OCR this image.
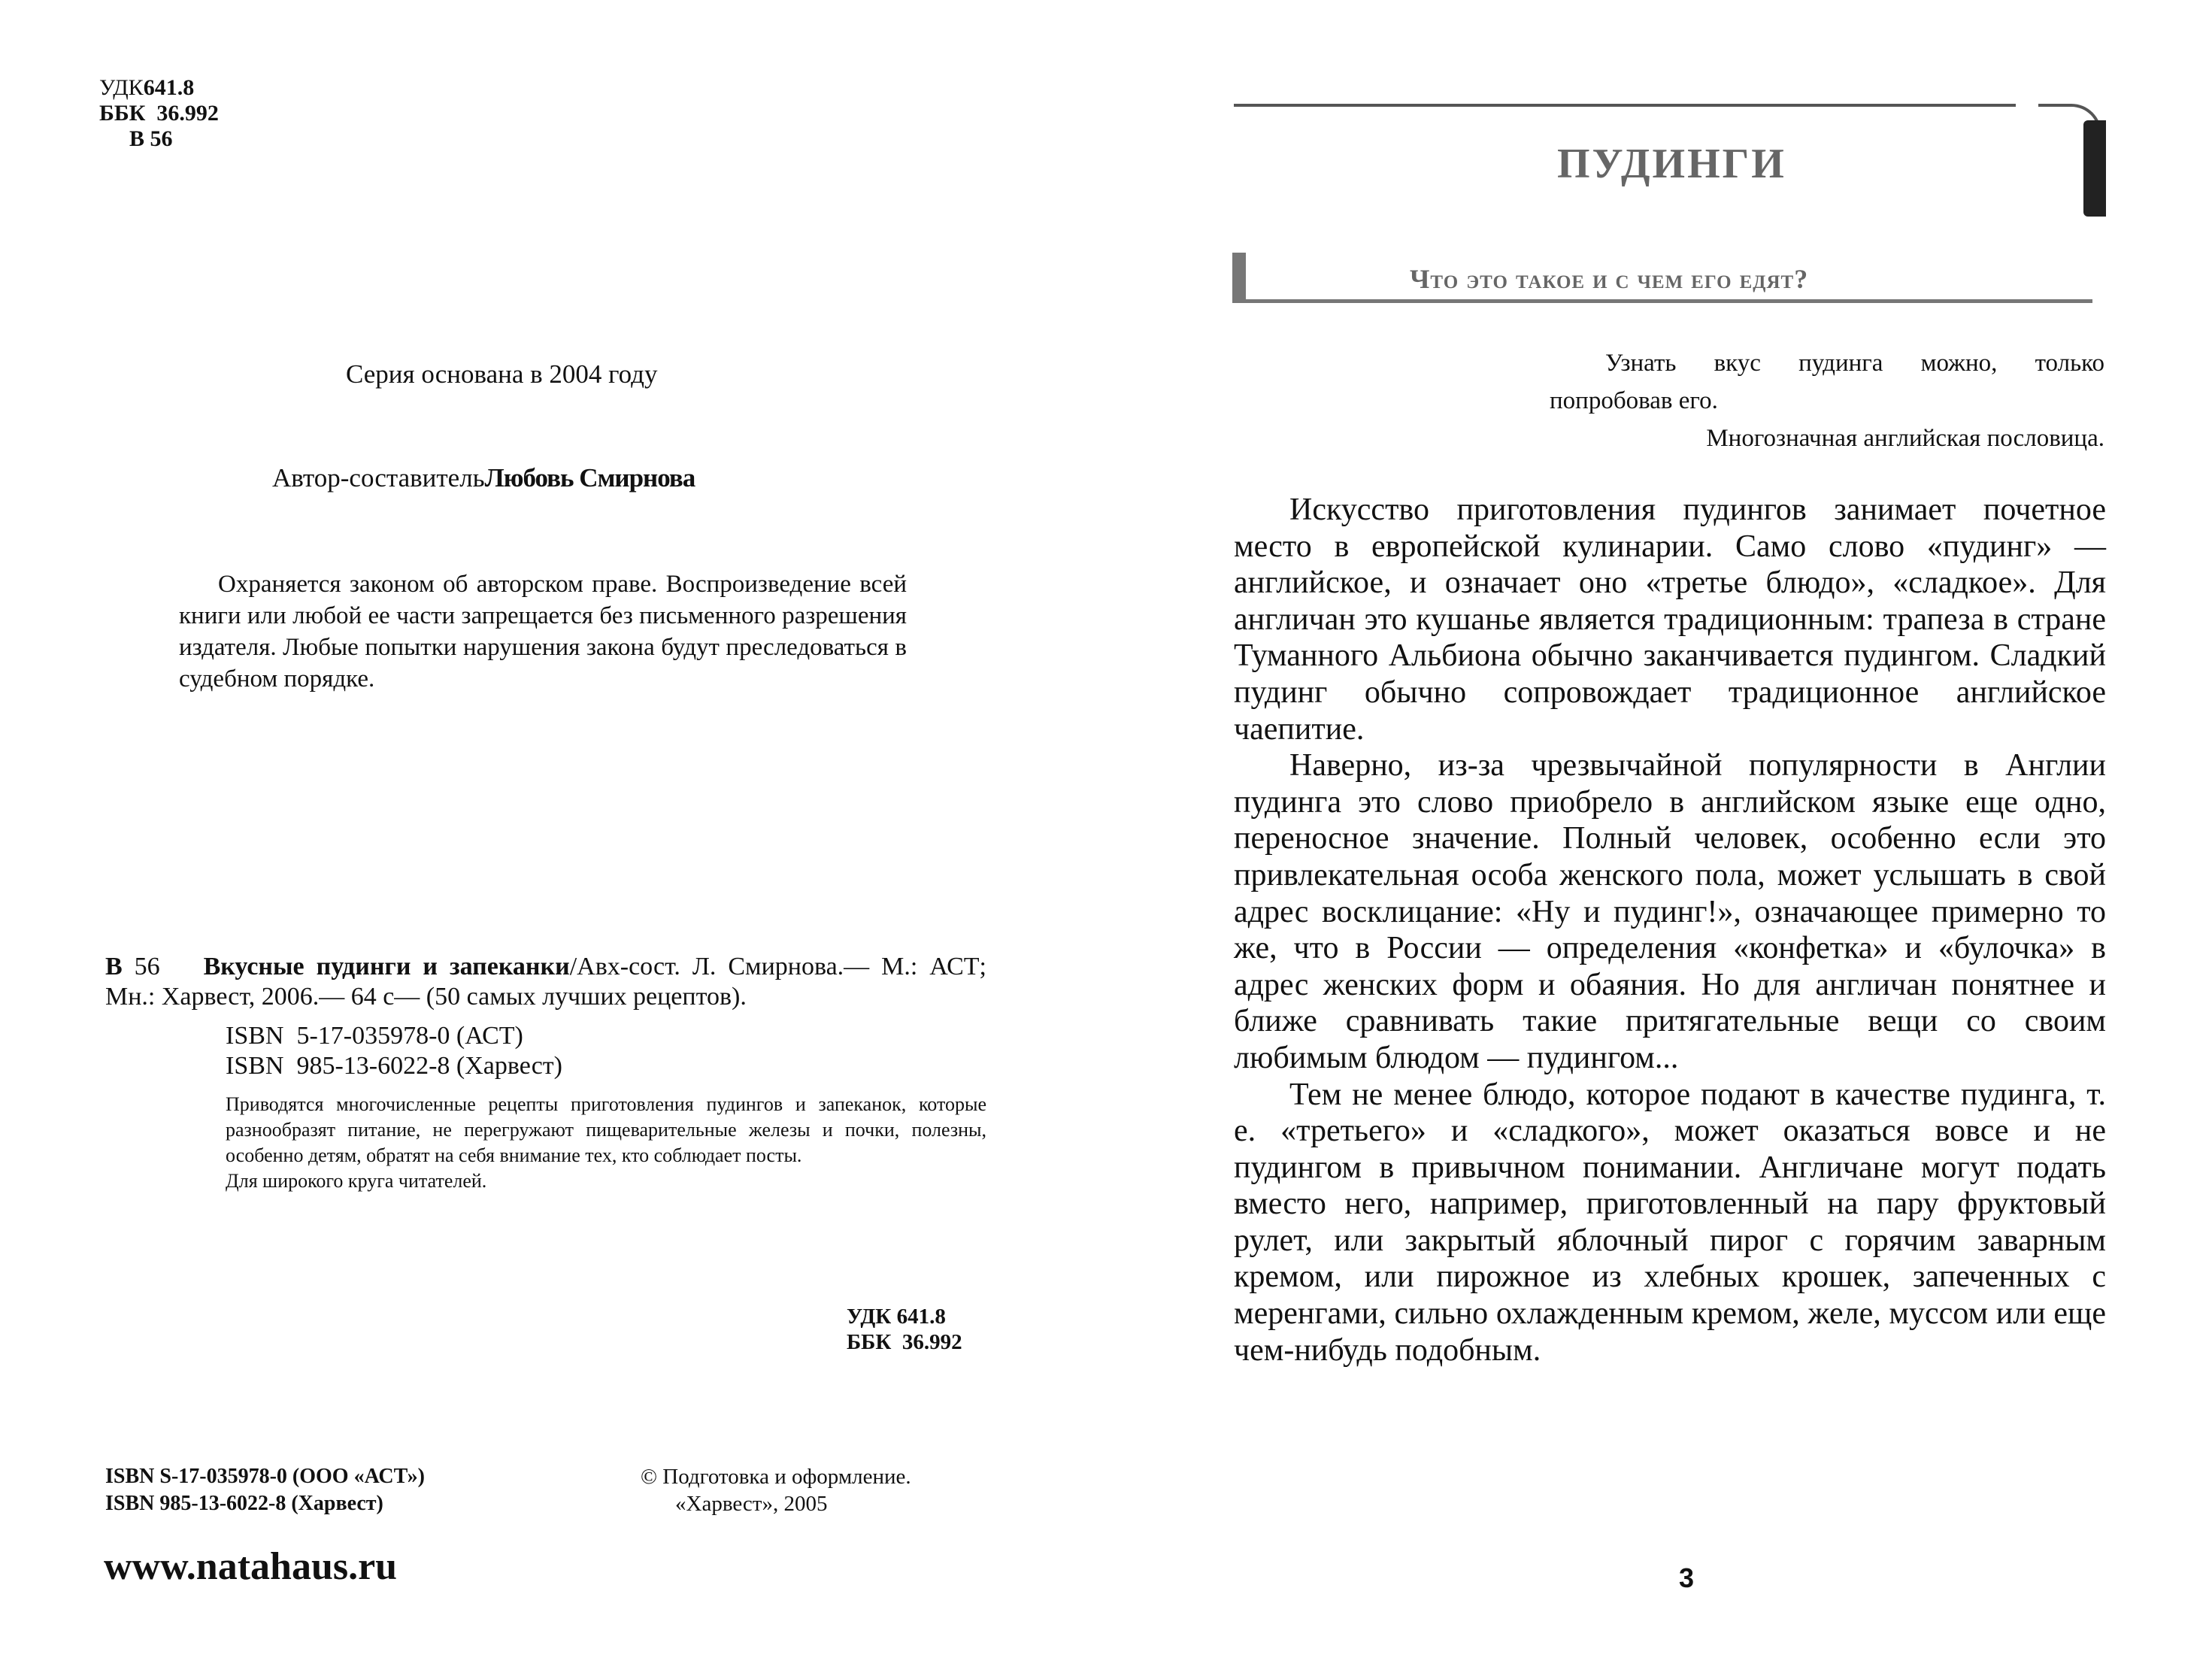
УДК641.8
ББК 36.992
В 56
Серия основана в 2004 году
Автор-составительЛюбовь Смирнова
Охраняется законом об авторском праве. Воспроизведение всей книги или любой ее части запрещается без письменного разрешения издателя. Любые попытки нарушения закона будут преследоваться в судебном порядке.
В 56 Вкусные пудинги и запеканки/Авх-сост. Л. Смирнова.— М.: АСТ; Мн.: Харвест, 2006.— 64 с— (50 самых лучших рецептов).
ISBN  5-17-035978-0 (АСТ)
ISBN  985-13-6022-8 (Харвест)
Приводятся многочисленные рецепты приготовления пудингов и запеканок, которые разнообразят питание, не перегружают пищеварительные железы и почки, полезны, особенно детям, обратят на себя внимание тех, кто соблюдает посты.
Для широкого круга читателей.
УДК 641.8
ББК  36.992
ISBN S-17-035978-0 (ООО «АСТ»)
ISBN 985-13-6022-8 (Харвест)
© Подготовка и оформление.
«Харвест», 2005
www.natahaus.ru
ПУДИНГИ
Что это такое и с чем его едят?
Узнать вкус пудинга можно, только
попробовав его.
Многозначная английская пословица.

Искусство приготовления пудингов занимает почетное место в европейской кулинарии. Само слово «пудинг» — английское, и означает оно «третье блюдо», «сладкое». Для англичан это кушанье является традиционным: трапеза в стране Туманного Альбиона обычно заканчивается пудингом. Сладкий пудинг обычно сопровождает традиционное английское чаепитие.

Наверно, из-за чрезвычайной популярности в Англии пудинга это слово приобрело в английском языке еще одно, переносное значение. Полный человек, особенно если это привлекательная особа женского пола, может услышать в свой адрес восклицание: «Ну и пудинг!», означающее примерно то же, что в России — определения «конфетка» и «булочка» в адрес женских форм и обаяния. Но для англичан понятнее и ближе сравнивать такие притягательные вещи со своим любимым блюдом — пудингом...

Тем не менее блюдо, которое подают в качестве пудинга, т. е. «третьего» и «сладкого», может оказаться вовсе и не пудингом в привычном понимании. Англичане могут подать вместо него, например, приготовленный на пару фруктовый рулет, или закрытый яблочный пирог с горячим заварным кремом, или пирожное из хлебных крошек, запеченных с меренгами, сильно охлажденным кремом, желе, муссом или еще чем-нибудь подобным.

3
